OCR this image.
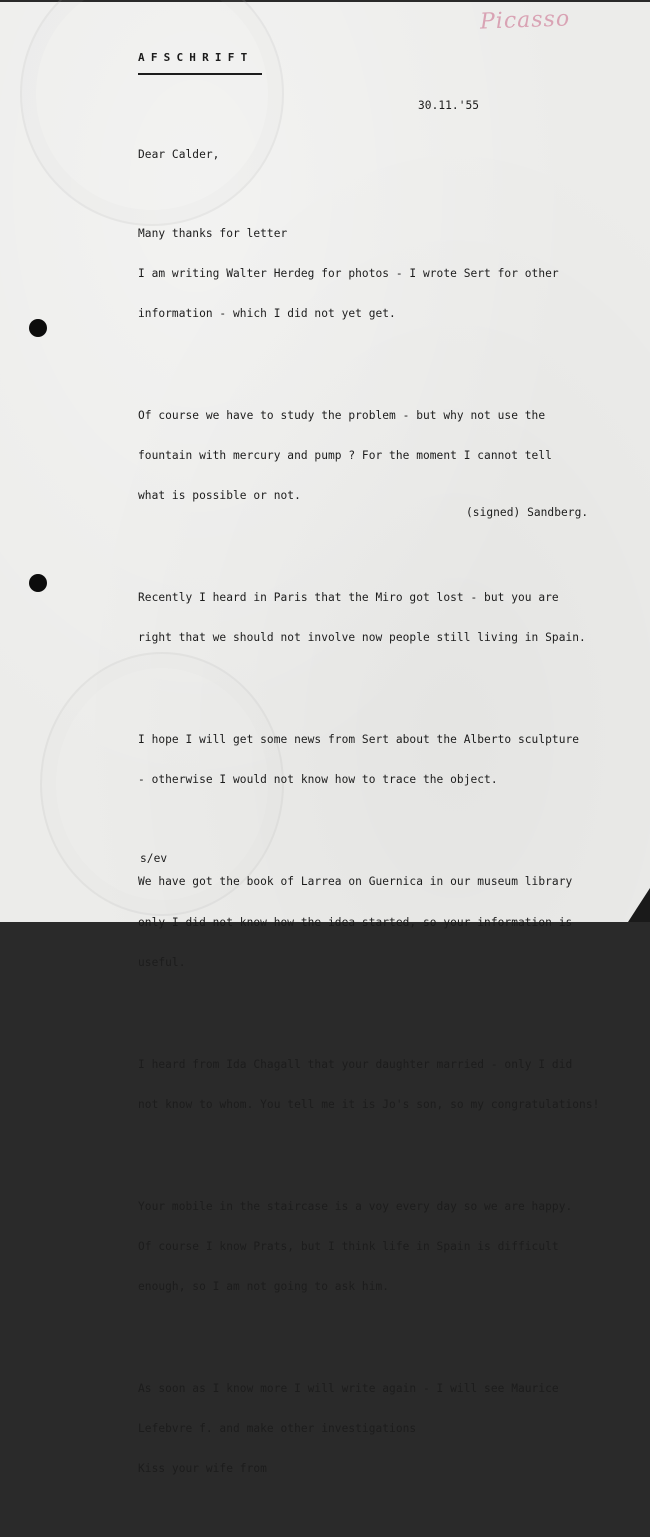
Picasso
AFSCHRIFT
30.11.'55
Dear Calder,

Many thanks for letter

I am writing Walter Herdeg for photos - I wrote Sert for other

information - which I did not yet get.

Of course we have to study the problem - but why not use the

fountain with mercury and pump ? For the moment I cannot tell

what is possible or not.

Recently I heard in Paris that the Miro got lost - but you are

right that we should not involve now people still living in Spain.

I hope I will get some news from Sert about the Alberto sculpture

- otherwise I would not know how to trace the object.

We have got the book of Larrea on Guernica in our museum library

only I did not know how the idea started, so your information is

useful.

I heard from Ida Chagall that your daughter married - only I did

not know to whom. You tell me it is Jo's son, so my congratulations!

Your mobile in the staircase is a voy every day so we are happy.

Of course I know Prats, but I think life in Spain is difficult

enough, so I am not going to ask him.

As soon as I know more I will write again - I will see Maurice

Lefebvre f. and make other investigations

Kiss your wife from

(signed) Sandberg.
s/ev
